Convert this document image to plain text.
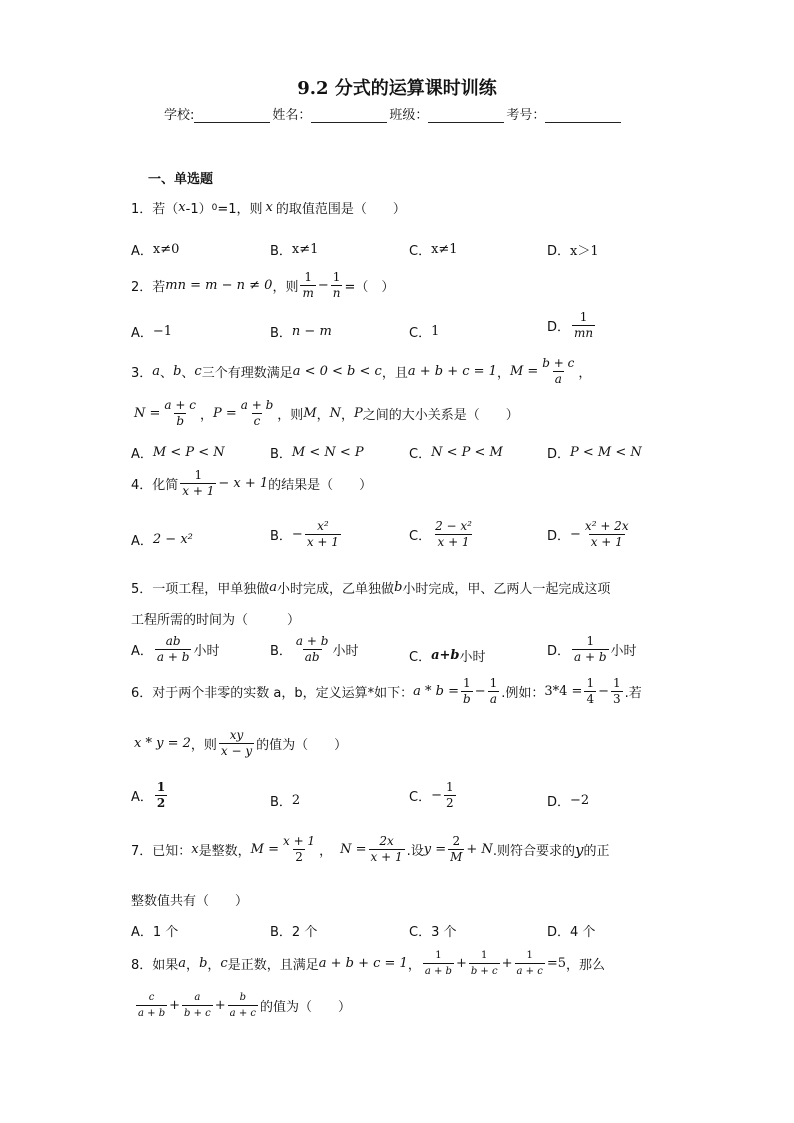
9.2 分式的运算课时训练
学校:	姓名：	班级：	考号：
一、单选题
1．若（ x -1） 0 =1，则 x 的取值范围是（　　）
A． x≠0	B． x≠1	C． x≠1	D． x＞1
2．若 mn = m − n ≠ 0 ，则 $\frac{1}{m} - \frac{1}{n}$ =（　）
A． −1	B． n − m	C． 1	D． $\frac{1}{mn}$
3． a 、 b 、 c 三个有理数满足 a < 0 < b < c ，且 a + b + c = 1 ， $M = \frac{b + c}{a}$ ，
$N = \frac{a + c}{b}$ ， $P = \frac{a + b}{c}$ ，则 M ， N ， P 之间的大小关系是（　　）
A． M < P < N	B． M < N < P	C． N < P < M	D． P < M < N
4．化简 $\frac{1}{x + 1} - x + 1$ 的结果是（　　）
A． 2 − x²	B． − $\frac{\text{x²}}{x + 1}$	C． $\frac{\text{2 − x²}}{x + 1}$	D． − $\frac{\text{x² + 2x}}{x + 1}$
5．一项工程，甲单独做 a 小时完成，乙单独做 b 小时完成，甲、乙两人一起完成这项
工程所需的时间为（　　　）
A． $\frac{ab}{a + b}$ 小时	B． $\frac{a + b}{ab}$ 小时	C． a+b 小时	D． $\frac{1}{a + b}$ 小时
6．对于两个非零的实数 a，b，定义运算*如下： $a * b = \frac{1}{b} - \frac{1}{a}$ .例如： $3*4 = \frac{1}{4} - \frac{1}{3}$ .若
x * y = 2 ，则 $\frac{xy}{x - y}$ 的值为（　　）
A． $\frac{1}{2}$	B． 2	C． − $\frac{1}{2}$	D． −2
7．已知： x 是整数， $M = \frac{x + 1}{2}$ ， $N = \frac{2x}{x + 1}$ .设 $y = \frac{2}{M} + N$ .则符合要求的 y 的正
整数值共有（　　）
A．1 个	B．2 个	C．3 个	D．4 个
8．如果 a ， b ， c 是正数，且满足 a + b + c = 1 ， $\frac{1}{a + b} + \frac{1}{b + c} + \frac{1}{a + c} =5$ ，那么
$\frac{c}{a + b} + \frac{a}{b + c} + \frac{b}{a + c}$ 的值为（　　）
